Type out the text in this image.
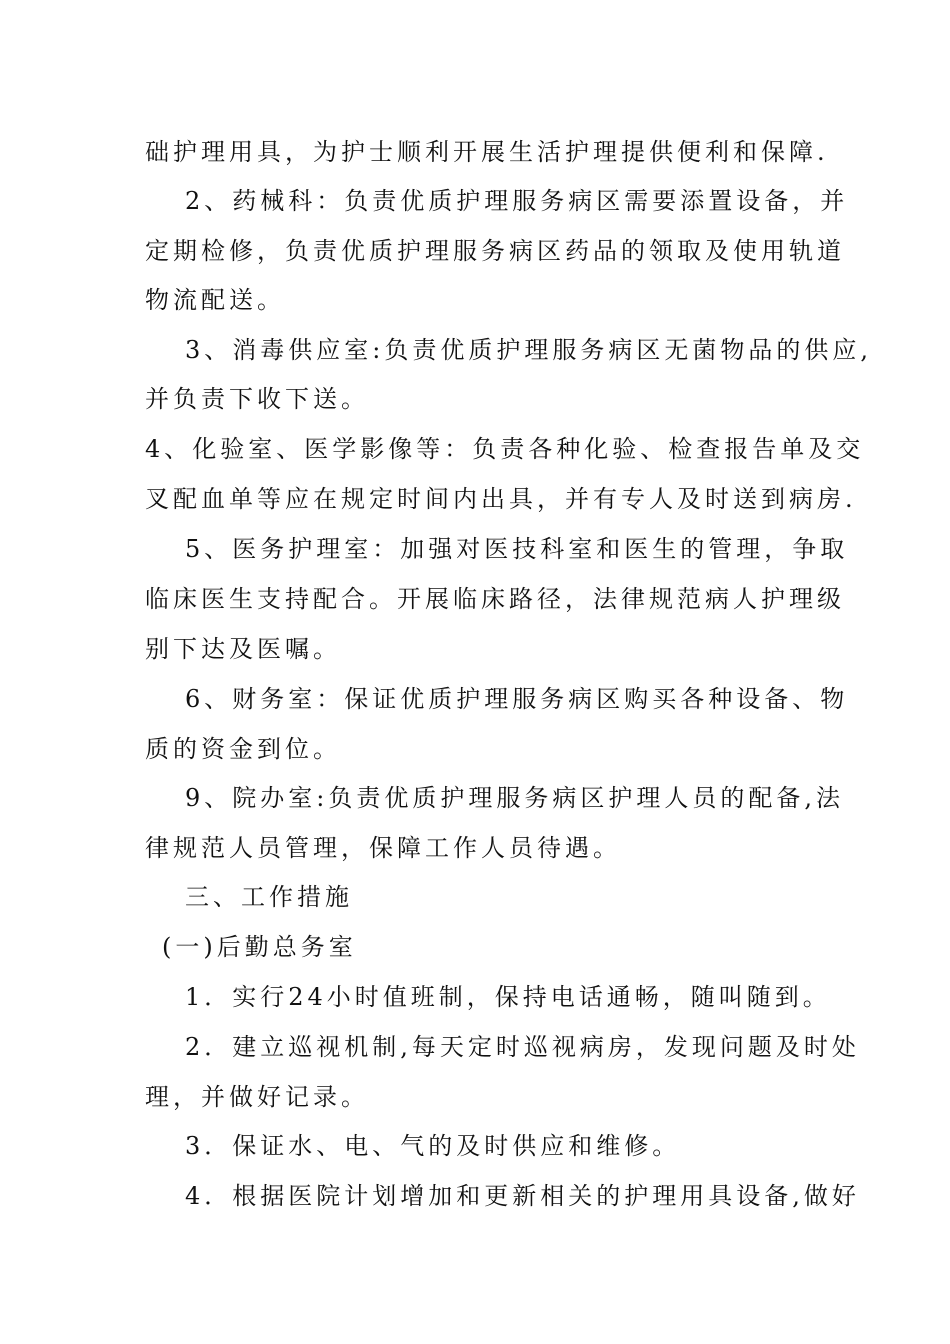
础护理用具，为护士顺利开展生活护理提供便利和保障.
2、药械科：负责优质护理服务病区需要添置设备，并
定期检修，负责优质护理服务病区药品的领取及使用轨道
物流配送。
3、消毒供应室:负责优质护理服务病区无菌物品的供应,
并负责下收下送。
4、化验室、医学影像等：负责各种化验、检查报告单及交
叉配血单等应在规定时间内出具，并有专人及时送到病房.
5、医务护理室：加强对医技科室和医生的管理，争取
临床医生支持配合。开展临床路径，法律规范病人护理级
别下达及医嘱。
6、财务室：保证优质护理服务病区购买各种设备、物
质的资金到位。
9、院办室:负责优质护理服务病区护理人员的配备,法
律规范人员管理，保障工作人员待遇。
三、工作措施
(一)后勤总务室
1．实行24小时值班制，保持电话通畅，随叫随到。
2．建立巡视机制,每天定时巡视病房，发现问题及时处
理，并做好记录。
3．保证水、电、气的及时供应和维修。
4．根据医院计划增加和更新相关的护理用具设备,做好
